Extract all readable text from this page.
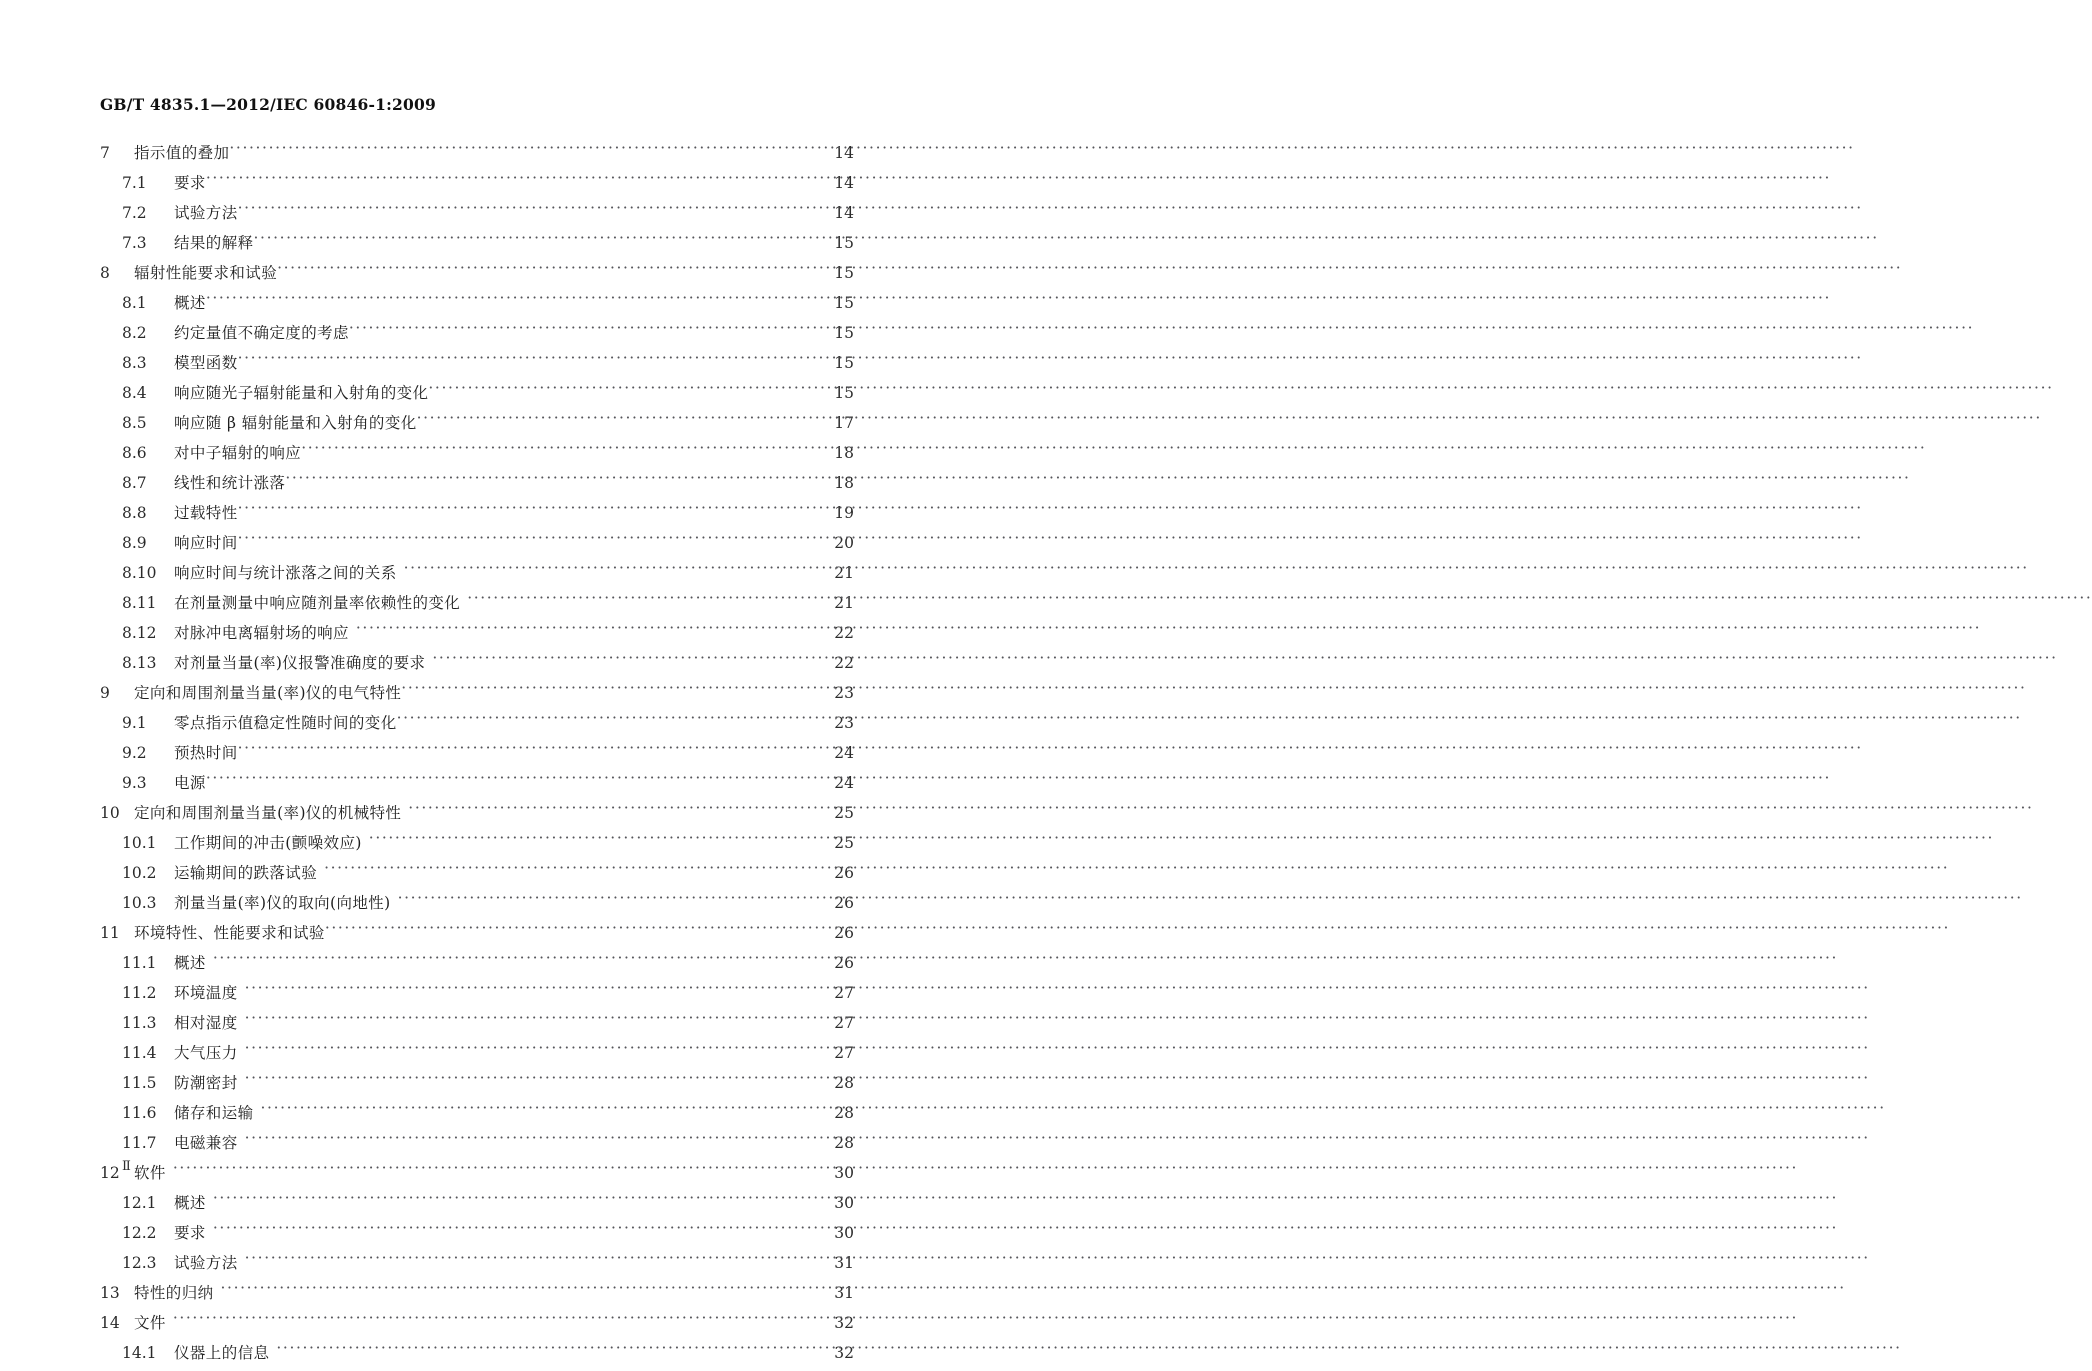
GB/T 4835.1—2012/IEC 60846-1:2009
7	指示值的叠加 ·····	14
7.1	要求 ·····	14
7.2	试验方法 ·····	14
7.3	结果的解释 ·····	15
8	辐射性能要求和试验 ·····	15
8.1	概述 ·····	15
8.2	约定量值不确定度的考虑 ·····	15
8.3	模型函数 ·····	15
8.4	响应随光子辐射能量和入射角的变化 ·····	15
8.5	响应随 β 辐射能量和入射角的变化 ·····	17
8.6	对中子辐射的响应 ·····	18
8.7	线性和统计涨落 ·····	18
8.8	过载特性 ·····	19
8.9	响应时间 ·····	20
8.10	响应时间与统计涨落之间的关系 ·····	21
8.11	在剂量测量中响应随剂量率依赖性的变化 ·····	21
8.12	对脉冲电离辐射场的响应 ·····	22
8.13	对剂量当量(率)仪报警准确度的要求 ·····	22
9	定向和周围剂量当量(率)仪的电气特性 ·····	23
9.1	零点指示值稳定性随时间的变化 ·····	23
9.2	预热时间 ·····	24
9.3	电源 ·····	24
10 定向和周围剂量当量(率)仪的机械特性 ·····	25
10.1	工作期间的冲击(颤噪效应) ·····	25
10.2	运输期间的跌落试验 ·····	26
10.3	剂量当量(率)仪的取向(向地性) ·····	26
11 环境特性、性能要求和试验 ·····	26
11.1	概述 ·····	26
11.2	环境温度 ·····	27
11.3	相对湿度 ·····	27
11.4	大气压力 ·····	27
11.5	防潮密封 ·····	28
11.6	储存和运输 ·····	28
11.7	电磁兼容 ·····	28
12 软件 ·····	30
12.1	概述 ·····	30
12.2	要求 ·····	30
12.3	试验方法 ·····	31
13 特性的归纳 ·····	31
14 文件 ·····	32
14.1	仪器上的信息 ·····	32
Ⅱ
